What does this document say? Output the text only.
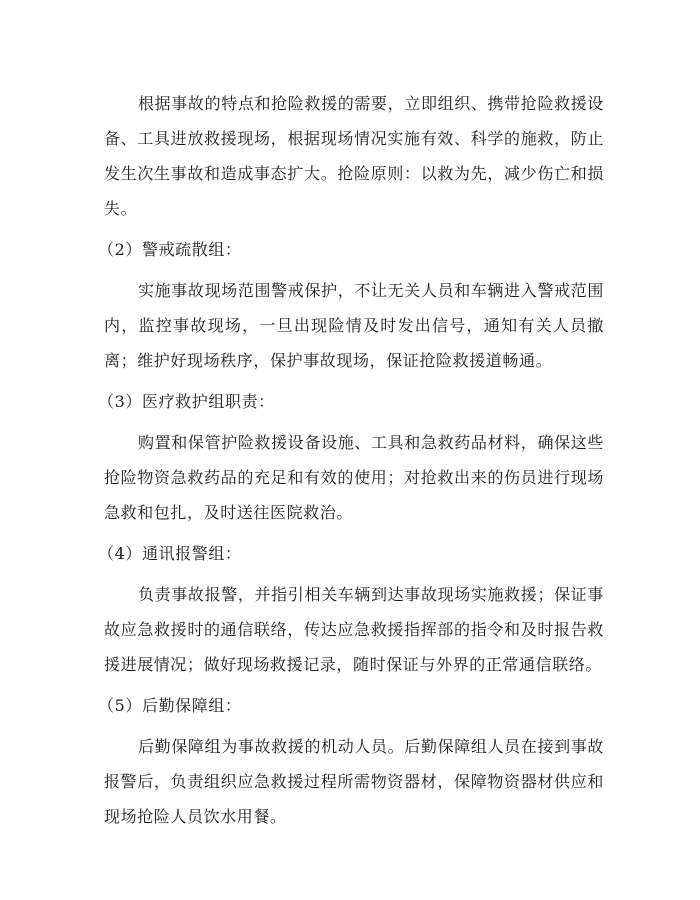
根据事故的特点和抢险救援的需要，立即组织、携带抢险救援设备、工具进放救援现场，根据现场情况实施有效、科学的施救，防止发生次生事故和造成事态扩大。抢险原则：以救为先，减少伤亡和损失。

（2）警戒疏散组：

实施事故现场范围警戒保护，不让无关人员和车辆进入警戒范围内，监控事故现场，一旦出现险情及时发出信号，通知有关人员撤离；维护好现场秩序，保护事故现场，保证抢险救援道畅通。

（3）医疗救护组职责：

购置和保管护险救援设备设施、工具和急救药品材料，确保这些抢险物资急救药品的充足和有效的使用；对抢救出来的伤员进行现场急救和包扎，及时送往医院救治。

（4）通讯报警组：

负责事故报警，并指引相关车辆到达事故现场实施救援；保证事故应急救援时的通信联络，传达应急救援指挥部的指令和及时报告救援进展情况；做好现场救援记录，随时保证与外界的正常通信联络。

（5）后勤保障组：

后勤保障组为事故救援的机动人员。后勤保障组人员在接到事故报警后，负责组织应急救援过程所需物资器材，保障物资器材供应和现场抢险人员饮水用餐。
